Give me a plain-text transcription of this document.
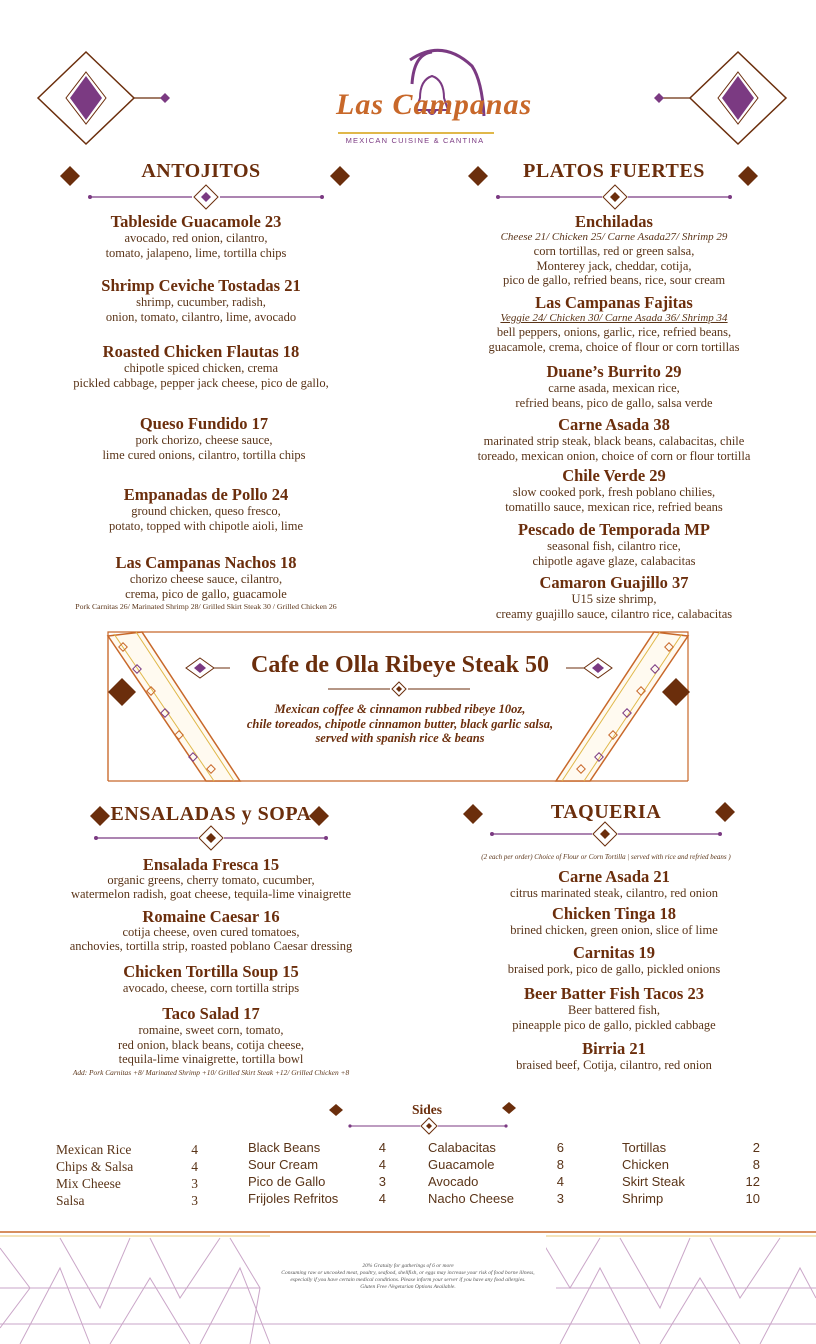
Las Campanas
MEXICAN CUISINE & CANTINA
ANTOJITOS	PLATOS FUERTES
Tableside Guacamole 23
avocado, red onion, cilantro,
tomato, jalapeno, lime, tortilla chips
Shrimp Ceviche Tostadas 21
shrimp, cucumber, radish,
onion, tomato, cilantro, lime, avocado
Roasted Chicken Flautas 18
chipotle spiced chicken, crema
pickled cabbage, pepper jack cheese, pico de gallo,
Queso Fundido 17
pork chorizo, cheese sauce,
lime cured onions, cilantro, tortilla chips
Empanadas de Pollo 24
ground chicken, queso fresco,
potato, topped with chipotle aioli, lime
Las Campanas Nachos 18
chorizo cheese sauce, cilantro,
crema, pico de gallo, guacamole
Pork Carnitas 26/ Marinated Shrimp 28/ Grilled Skirt Steak 30 / Grilled Chicken 26
Enchiladas
Cheese 21/ Chicken 25/ Carne Asada27/ Shrimp 29
corn tortillas, red or green salsa,
Monterey jack, cheddar, cotija,
pico de gallo, refried beans, rice, sour cream
Las Campanas Fajitas
Veggie 24/ Chicken 30/ Carne Asada 36/ Shrimp 34
bell peppers, onions, garlic, rice, refried beans,
guacamole, crema, choice of flour or corn tortillas
Duane’s Burrito 29
carne asada, mexican rice,
refried beans, pico de gallo, salsa verde
Carne Asada 38
marinated strip steak, black beans, calabacitas, chile
toreado, mexican onion, choice of corn or flour tortilla
Chile Verde 29
slow cooked pork, fresh poblano chilies,
tomatillo sauce, mexican rice, refried beans
Pescado de Temporada MP
seasonal fish, cilantro rice,
chipotle agave glaze, calabacitas
Camaron Guajillo 37
U15 size shrimp,
creamy guajillo sauce, cilantro rice, calabacitas
Cafe de Olla Ribeye Steak 50
Mexican coffee & cinnamon rubbed ribeye 10oz,
chile toreados, chipotle cinnamon butter, black garlic salsa,
served with spanish rice & beans
ENSALADAS y SOPA	TAQUERIA
Ensalada Fresca 15
organic greens, cherry tomato, cucumber,
watermelon radish, goat cheese, tequila-lime vinaigrette
Romaine Caesar 16
cotija cheese, oven cured tomatoes,
anchovies, tortilla strip, roasted poblano Caesar dressing
Chicken Tortilla Soup 15
avocado, cheese, corn tortilla strips
Taco Salad 17
romaine, sweet corn, tomato,
red onion, black beans, cotija cheese,
tequila-lime vinaigrette, tortilla bowl
Add: Pork Carnitas +8/ Marinated Shrimp +10/ Grilled Skirt Steak +12/ Grilled Chicken +8
(2 each per order) Choice of Flour or Corn Tortilla | served with rice and refried beans )
Carne Asada 21
citrus marinated steak, cilantro, red onion
Chicken Tinga 18
brined chicken, green onion, slice of lime
Carnitas 19
braised pork, pico de gallo, pickled onions
Beer Batter Fish Tacos 23
Beer battered fish,
pineapple pico de gallo, pickled cabbage
Birria 21
braised beef, Cotija, cilantro, red onion
Sides
Mexican Rice	4
Chips & Salsa	4
Mix Cheese	3
Salsa	3
Black Beans	4
Sour Cream	4
Pico de Gallo	3
Frijoles Refritos	4
Calabacitas	6
Guacamole	8
Avocado	4
Nacho Cheese	3
Tortillas	2
Chicken	8
Skirt Steak	12
Shrimp	10
20% Gratuity for gatherings of 6 or more
Consuming raw or uncooked meat, poultry, seafood, shellfish, or eggs may increase your risk of food borne illness,
especially if you have certain medical conditions. Please inform your server if you have any food allergies.
Gluten Free /Vegetarian Options Available.
